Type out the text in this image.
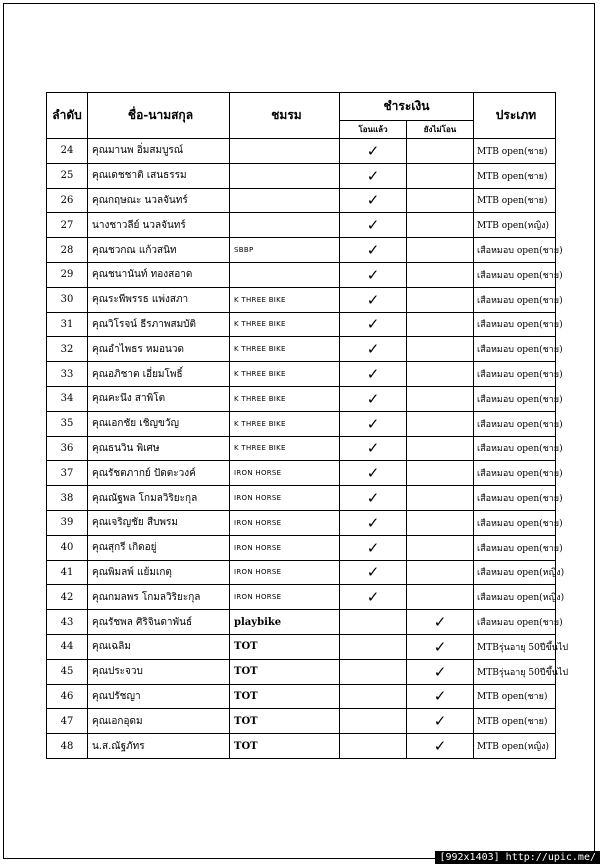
ลำดับ	ชื่อ-นามสกุล	ชมรม	ชำระเงิน		ประเภท
			โอนแล้ว	ยังไม่โอน	
24	คุณมานพ อิ่มสมบูรณ์		✓		MTB open(ชาย)
25	คุณเดชชาติ เสนธรรม		✓		MTB open(ชาย)
26	คุณกฤษณะ นวลจันทร์		✓		MTB open(ชาย)
27	นางชาวลีย์ นวลจันทร์		✓		MTB open(หญิง)
28	คุณชวกณ แก้วสนิท	SBBP	✓		เสือหมอบ open(ชาย)
29	คุณชนานันท์ ทองสอาด		✓		เสือหมอบ open(ชาย)
30	คุณระพีพรรธ แพ่งสภา	K THREE BIKE	✓		เสือหมอบ open(ชาย)
31	คุณวิโรจน์ ธีรภาพสมบัติ	K THREE BIKE	✓		เสือหมอบ open(ชาย)
32	คุณอำไพธร หมอนวด	K THREE BIKE	✓		เสือหมอบ open(ชาย)
33	คุณอภิชาต เอี่ยมโพธิ์	K THREE BIKE	✓		เสือหมอบ open(ชาย)
34	คุณคะนึง สาพิโต	K THREE BIKE	✓		เสือหมอบ open(ชาย)
35	คุณเอกชัย เชิญขวัญ	K THREE BIKE	✓		เสือหมอบ open(ชาย)
36	คุณธนวิน พิเศษ	K THREE BIKE	✓		เสือหมอบ open(ชาย)
37	คุณรัชตภากย์ ปัดตะวงค์	IRON HORSE	✓		เสือหมอบ open(ชาย)
38	คุณณัฐพล โกมลวิริยะกุล	IRON HORSE	✓		เสือหมอบ open(ชาย)
39	คุณเจริญชัย สืบพรม	IRON HORSE	✓		เสือหมอบ open(ชาย)
40	คุณสุกรี เกิดอยู่	IRON HORSE	✓		เสือหมอบ open(ชาย)
41	คุณพิมลพ์ แย้มเกตุ	IRON HORSE	✓		เสือหมอบ open(หญิง)
42	คุณกมลพร โกมลวิริยะกุล	IRON HORSE	✓		เสือหมอบ open(หญิง)
43	คุณรัชพล ศิริจินดาพันธ์	playbike		✓	เสือหมอบ open(ชาย)
44	คุณเฉลิม	TOT		✓	MTBรุ่นอายุ 50ปีขึ้นไป
45	คุณประจวบ	TOT		✓	MTBรุ่นอายุ 50ปีขึ้นไป
46	คุณปรัชญา	TOT		✓	MTB open(ชาย)
47	คุณเอกอุดม	TOT		✓	MTB open(ชาย)
48	น.ส.ณัฐภัทร	TOT		✓	MTB open(หญิง)
[992x1403] http://upic.me/
